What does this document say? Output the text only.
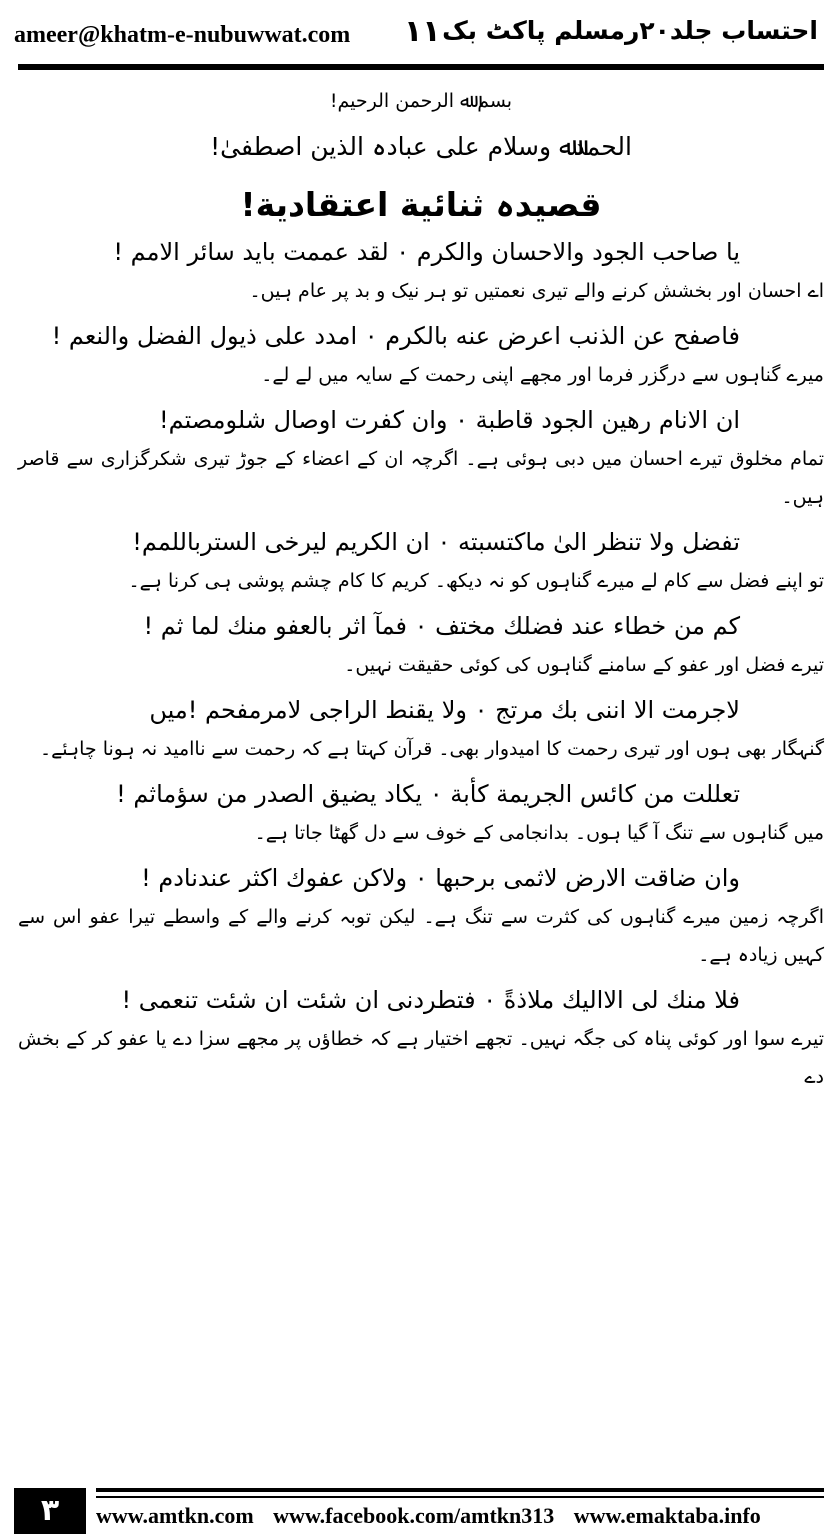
ameer@khatm-e-nubuwwat.com ۱۱ احتساب جلد۲۰رمسلم پاکٹ بک
بسم ﷲ الرحمن الرحیم!
الحمدﷲ وسلام علی عبادہ الذین اصطفیٰ!
قصیدہ ثنائیة اعتقادیة!
یا صاحب الجود والاحسان والکرم ۰ لقد عممت باید سائر الامم !
اے احسان اور بخشش کرنے والے تیری نعمتیں تو ہر نیک و بد پر عام ہیں۔
فاصفح عن الذنب اعرض عنه بالکرم ۰ امدد علی ذیول الفضل والنعم !
میرے گناہوں سے درگزر فرما اور مجھے اپنی رحمت کے سایہ میں لے لے۔
ان الانام رهین الجود قاطبة ۰ وان کفرت اوصال شلومصتم!
تمام مخلوق تیرے احسان میں دبی ہوئی ہے۔ اگرچہ ان کے اعضاء کے جوڑ تیری شکرگزاری سے قاصر ہیں۔
تفضل ولا تنظر الیٰ ماکتسبته ۰ ان الکریم لیرخی السترباللمم!
تو اپنے فضل سے کام لے میرے گناہوں کو نہ دیکھ۔ کریم کا کام چشم پوشی ہی کرنا ہے۔
کم من خطاء عند فضلك مختف ۰ فمآ اثر بالعفو منك لما ثم !
تیرے فضل اور عفو کے سامنے گناہوں کی کوئی حقیقت نہیں۔
لاجرمت الا اننی بك مرتج ۰ ولا یقنط الراجی لامرمفحم !میں
گنہگار بھی ہوں اور تیری رحمت کا امیدوار بھی۔ قرآن کہتا ہے کہ رحمت سے ناامید نہ ہونا چاہئے۔
تعللت من کائس الجریمة کأبة ۰ یکاد یضیق الصدر من سؤماثم !
میں گناہوں سے تنگ آ گیا ہوں۔ بدانجامی کے خوف سے دل گھٹا جاتا ہے۔
وان ضاقت الارض لاثمی برحبها ۰ ولاکن عفوك اکثر عندنادم !
اگرچہ زمین میرے گناہوں کی کثرت سے تنگ ہے۔ لیکن توبہ کرنے والے کے واسطے تیرا عفو اس سے کہیں زیادہ ہے۔
فلا منك لی الاالیك ملاذةً ۰ فتطردنی ان شئت ان شئت تنعمی !
تیرے سوا اور کوئی پناہ کی جگہ نہیں۔ تجھے اختیار ہے کہ خطاؤں پر مجھے سزا دے یا عفو کر کے بخش دے
۳	www.amtkn.com www.facebook.com/amtkn313 www.emaktaba.info
